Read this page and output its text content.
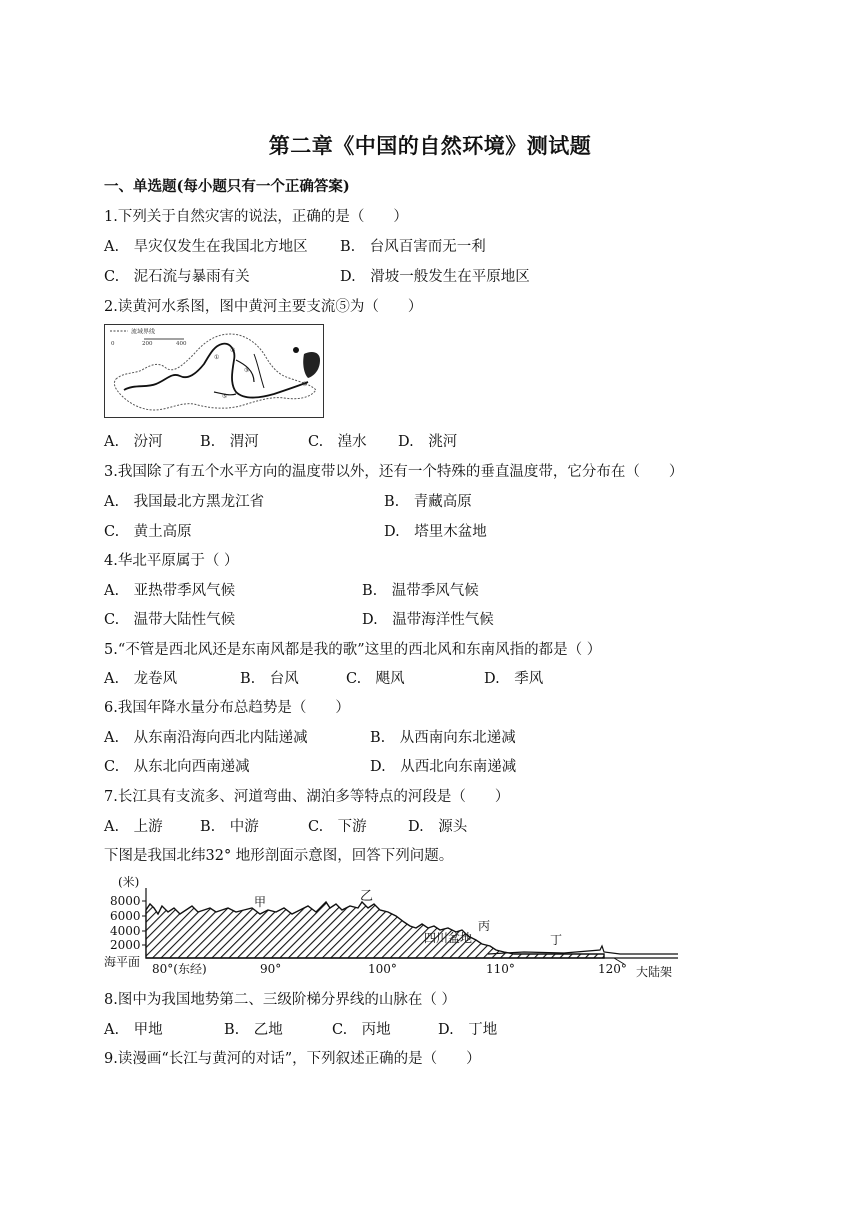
第二章《中国的自然环境》测试题
一、单选题(每小题只有一个正确答案)
1.下列关于自然灾害的说法，正确的是（　　）
A.　旱灾仅发生在我国北方地区 B.　台风百害而无一利
C.　泥石流与暴雨有关	D.　滑坡一般发生在平原地区
2.读黄河水系图，图中黄河主要支流⑤为（　　）
流域界线
0	200	400
①
②
③
⑤
④
A.　汾河	B.　渭河	C.　湟水 D.　洮河
3.我国除了有五个水平方向的温度带以外，还有一个特殊的垂直温度带，它分布在（　　）
A.　我国最北方黑龙江省	B.　青藏高原
C.　黄土高原	D.　塔里木盆地
4.华北平原属于（ ）
A.　亚热带季风气候	B.　温带季风气候
C.　温带大陆性气候	D.　温带海洋性气候
5.“不管是西北风还是东南风都是我的歌”这里的西北风和东南风指的都是（ ）
A.　龙卷风	B.　台风	C.　飓风	D.　季风
6.我国年降水量分布总趋势是（　　）
A.　从东南沿海向西北内陆递减	B.　从西南向东北递减
C.　从东北向西南递减	D.　从西北向东南递减
7.长江具有支流多、河道弯曲、湖泊多等特点的河段是（　　）
A.　上游	B.　中游	C.　下游	D.　源头
下图是我国北纬32° 地形剖面示意图，回答下列问题。
(米)
8000
6000
4000
2000
海平面
甲	乙
四川盆地
丙
丁
80°(东经)	90°	100°	110°	120° 大陆架
8.图中为我国地势第二、三级阶梯分界线的山脉在（ ）
A.　甲地	B.　乙地	C.　丙地	D.　丁地
9.读漫画“长江与黄河的对话”，下列叙述正确的是（　　）
